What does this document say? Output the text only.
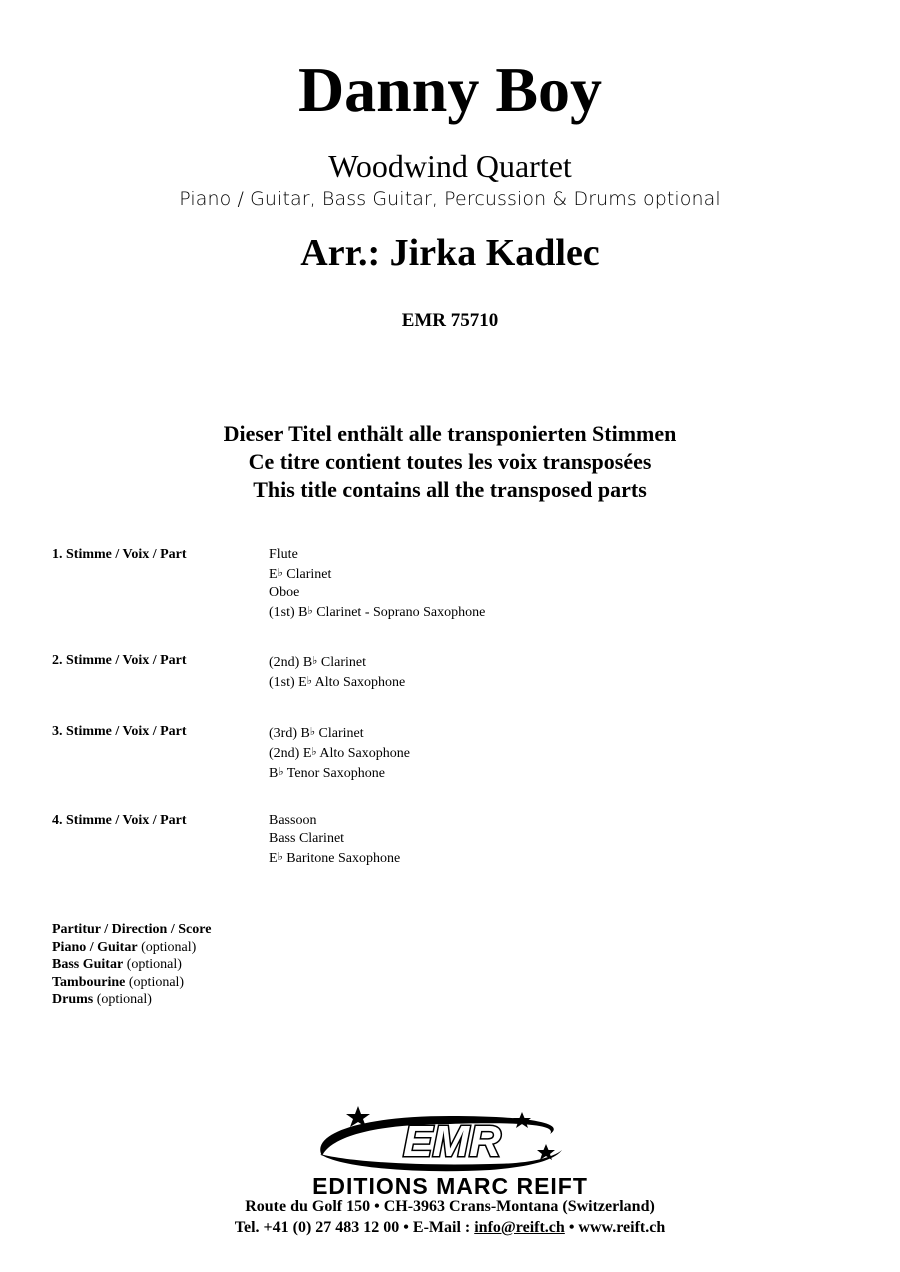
Danny Boy
Woodwind Quartet
Piano / Guitar, Bass Guitar, Percussion & Drums optional
Arr.: Jirka Kadlec
EMR 75710
Dieser Titel enthält alle transponierten Stimmen
Ce titre contient toutes les voix transposées
This title contains all the transposed parts
1. Stimme / Voix / Part	Flute
E♭ Clarinet
Oboe
(1st) B♭ Clarinet - Soprano Saxophone
2. Stimme / Voix / Part	(2nd) B♭ Clarinet
(1st) E♭ Alto Saxophone
3. Stimme / Voix / Part	(3rd) B♭ Clarinet
(2nd) E♭ Alto Saxophone
B♭ Tenor Saxophone
4. Stimme / Voix / Part	Bassoon
Bass Clarinet
E♭ Baritone Saxophone
Partitur / Direction / Score
Piano / Guitar (optional)
Bass Guitar (optional)
Tambourine (optional)
Drums (optional)
EMR
EDITIONS MARC REIFT
Route du Golf 150 • CH-3963 Crans-Montana (Switzerland)
Tel. +41 (0) 27 483 12 00 • E-Mail : info@reift.ch • www.reift.ch
